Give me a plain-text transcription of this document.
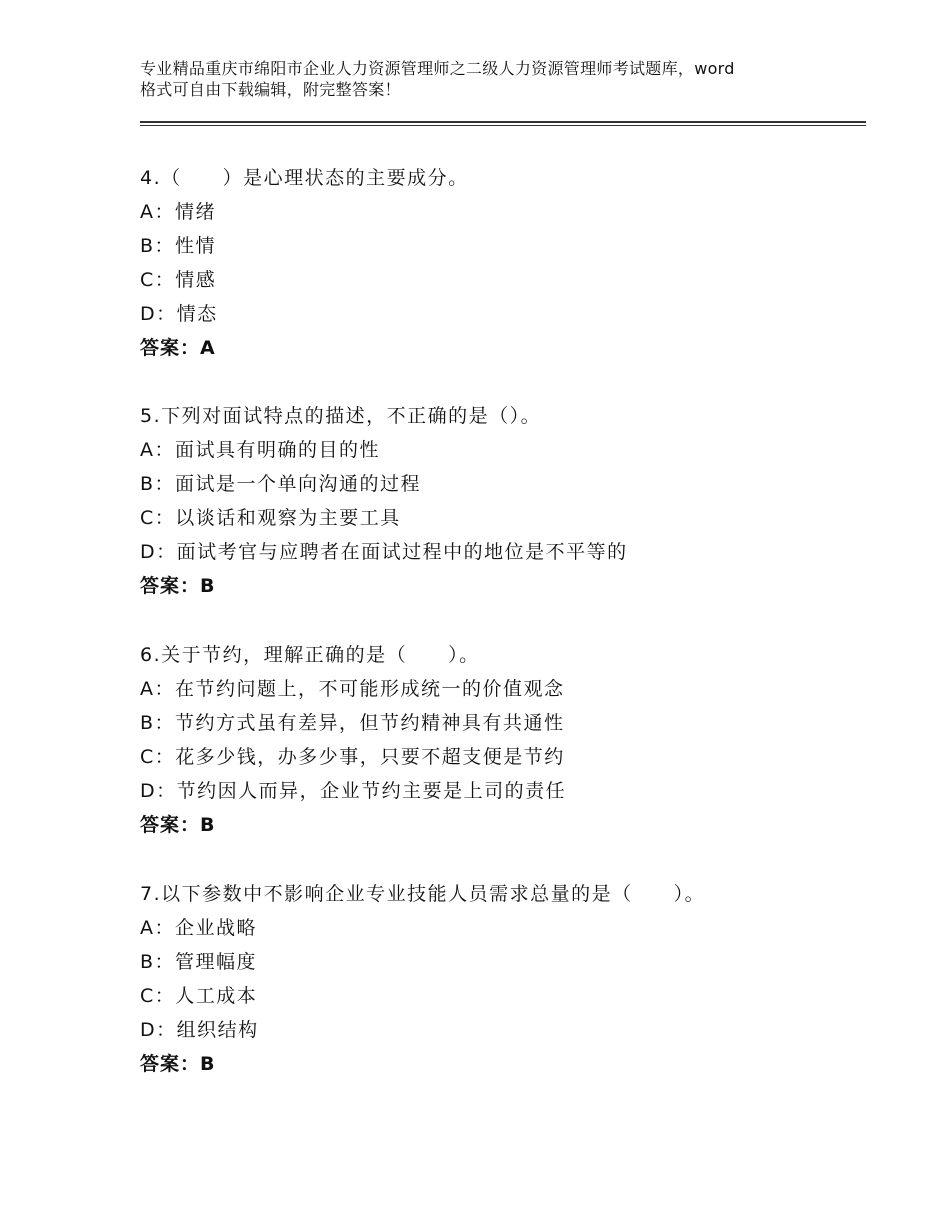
专业精品重庆市绵阳市企业人力资源管理师之二级人力资源管理师考试题库，word
格式可自由下载编辑，附完整答案！
4.（　　）是心理状态的主要成分。
A：情绪
B：性情
C：情感
D：情态
答案：A
5.下列对面试特点的描述，不正确的是（）。
A：面试具有明确的目的性
B：面试是一个单向沟通的过程
C：以谈话和观察为主要工具
D：面试考官与应聘者在面试过程中的地位是不平等的
答案：B
6.关于节约，理解正确的是（　　）。
A：在节约问题上，不可能形成统一的价值观念
B：节约方式虽有差异，但节约精神具有共通性
C：花多少钱，办多少事，只要不超支便是节约
D：节约因人而异，企业节约主要是上司的责任
答案：B
7.以下参数中不影响企业专业技能人员需求总量的是（　　）。
A：企业战略
B：管理幅度
C：人工成本
D：组织结构
答案：B
